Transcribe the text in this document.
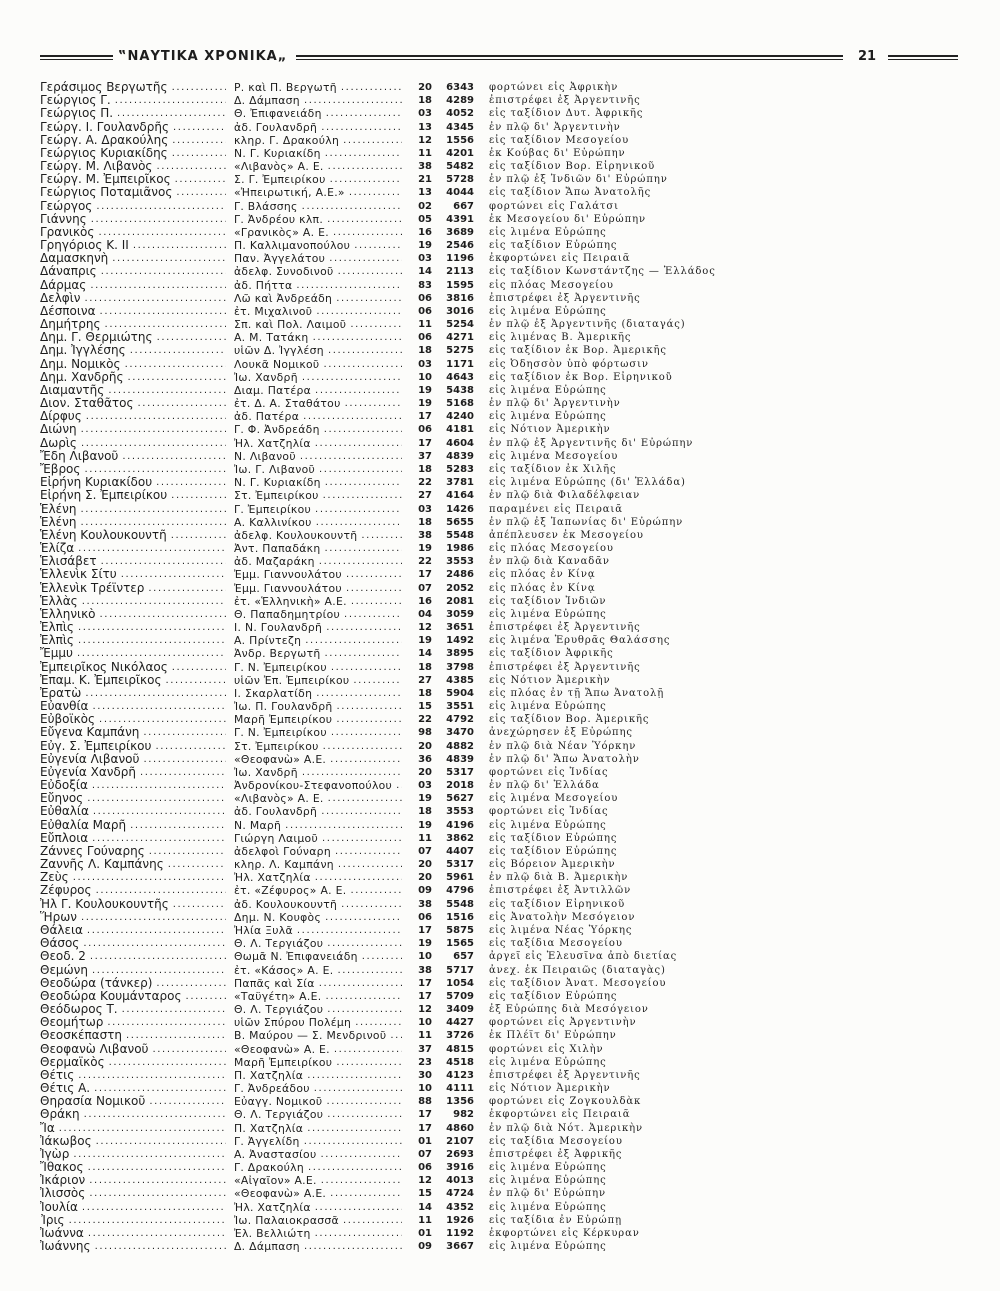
‟ΝΑΥΤΙΚΑ ΧΡΟΝΙΚΑ„	21
Γεράσιμος Βεργωτῆς .....	Ρ. καὶ Π. Βεργωτῆ .....	20	6343 φορτώνει εἰς Ἀφρικὴν
Γεώργιος Γ. .....	Δ. Δάμπαση .....	18	4289 ἐπιστρέφει ἐξ Ἀργεντινῆς
Γεώργιος Π. .....	Θ. Ἐπιφανειάδη .....	03	4052 εἰς ταξίδιον Δυτ. Ἀφρικῆς
Γεώργ. Ι. Γουλανδρῆς .....	ἀδ. Γουλανδρῆ .....	13	4345 ἐν πλῷ δι' Ἀργεντινὴν
Γεώργ. Α. Δρακούλης .....	κληρ. Γ. Δρακούλη .....	12	1556 εἰς ταξίδιον Μεσογείου
Γεώργιος Κυριακίδης .....	Ν. Γ. Κυριακίδη .....	11	4201 ἐκ Κούβας δι' Εὐρώπην
Γεώργ. Μ. Λιβανὸς .....	«Λιβανὸς» Α. Ε. .....	38	5482 εἰς ταξίδιον Βορ. Εἰρηνικοῦ
Γεώργ. Μ. Ἐμπειρῖκος .....	Σ. Γ. Ἐμπειρίκου .....	21	5728 ἐν πλῷ ἐξ Ἰνδιῶν δι' Εὐρώπην
Γεώργιος Ποταμιᾶνος .....	«Ἠπειρωτική, Α.Ε.» .....	13	4044 εἰς ταξίδιον Ἄπω Ἀνατολῆς
Γεώργος .....	Γ. Βλάσσης .....	02	667 φορτώνει εἰς Γαλάτσι
Γιάννης .....	Γ. Ἀνδρέου κλπ. .....	05	4391 ἐκ Μεσογείου δι' Εὐρώπην
Γρανικὸς .....	«Γρανικὸς» Α. Ε. .....	16	3689 εἰς λιμένα Εὐρώπης
Γρηγόριος Κ. ΙΙ .....	Π. Καλλιμανοπούλου .....	19	2546 εἰς ταξίδιον Εὐρώπης
Δαμασκηνὴ .....	Παν. Ἀγγελάτου .....	03	1196 ἐκφορτώνει εἰς Πειραιᾶ
Δάναπρις .....	ἀδελφ. Συνοδινοῦ .....	14	2113 εἰς ταξίδιον Κωνστάντζης — Ἑλλάδος
Δάρμας .....	ἀδ. Πήττα .....	83	1595 εἰς πλόας Μεσογείου
Δελφὶν .....	Λῶ καὶ Ἀνδρεάδη .....	06	3816 ἐπιστρέφει ἐξ Ἀργεντινῆς
Δέσποινα .....	ἐτ. Μιχαλινοῦ .....	06	3016 εἰς λιμένα Εὐρώπης
Δημήτρης .....	Σπ. καὶ Πολ. Λαιμοῦ .....	11	5254 ἐν πλῷ ἐξ Ἀργεντινῆς (διαταγάς)
Δημ. Γ. Θερμιώτης .....	Α. Μ. Τατάκη .....	06	4271 εἰς λιμένας Β. Ἀμερικῆς
Δημ. Ἰγγλέσης .....	υἱῶν Δ. Ἰγγλέση .....	18	5275 εἰς ταξίδιον ἐκ Βορ. Ἀμερικῆς
Δημ. Νομικὸς .....	Λουκᾶ Νομικοῦ .....	03	1171 εἰς Ὀδησσὸν ὑπὸ φόρτωσιν
Δημ. Χανδρῆς .....	Ἰω. Χανδρῆ .....	10	4643 εἰς ταξίδιον ἐκ Βορ. Εἰρηνικοῦ
Διαμαντῆς .....	Διαμ. Πατέρα .....	19	5438 εἰς λιμένα Εὐρώπης
Διον. Σταθᾶτος .....	ἐτ. Δ. Α. Σταθάτου .....	19	5168 ἐν πλῷ δι' Ἀργεντινὴν
Δίρφυς .....	ἀδ. Πατέρα .....	17	4240 εἰς λιμένα Εὐρώπης
Διώνη .....	Γ. Φ. Ἀνδρεάδη .....	06	4181 εἰς Νότιον Ἀμερικὴν
Δωρὶς .....	Ἠλ. Χατζηλία .....	17	4604 ἐν πλῷ ἐξ Ἀργεντινῆς δι' Εὐρώπην
Ἔδη Λιβανοῦ .....	Ν. Λιβανοῦ .....	37	4839 εἰς λιμένα Μεσογείου
Ἔβρος .....	Ἰω. Γ. Λιβανοῦ .....	18	5283 εἰς ταξίδιον ἐκ Χιλῆς
Εἰρήνη Κυριακίδου .....	Ν. Γ. Κυριακίδη .....	22	3781 εἰς λιμένα Εὐρώπης (δι' Ἑλλάδα)
Εἰρήνη Σ. Ἐμπειρίκου .....	Στ. Ἐμπειρίκου .....	27	4164 ἐν πλῷ διὰ Φιλαδέλφειαν
Ἑλένη .....	Γ. Ἐμπειρίκου .....	03	1426 παραμένει εἰς Πειραιᾶ
Ἑλένη .....	Α. Καλλινίκου .....	18	5655 ἐν πλῷ ἐξ Ἰαπωνίας δι' Εὐρώπην
Ἑλένη Κουλουκουντῆ .....	ἀδελφ. Κουλουκουντῆ .....	38	5548 ἀπέπλευσεν ἐκ Μεσογείου
Ἑλίζα .....	Ἀντ. Παπαδάκη .....	19	1986 εἰς πλόας Μεσογείου
Ἑλισάβετ .....	ἀδ. Μαζαράκη .....	22	3553 ἐν πλῷ διὰ Καναδᾶν
Ἑλλενὶκ Σίτυ .....	Ἐμμ. Γιαννουλάτου .....	17	2486 εἰς πλόας ἐν Κίνᾳ
Ἑλλενὶκ Τρέϊντερ .....	Ἐμμ. Γιαννουλάτου .....	07	2052 εἰς πλόας ἐν Κίνᾳ
Ἑλλὰς .....	ἐτ. «Ἑλληνικὴ» Α.Ε. .....	16	2081 εἰς ταξίδιον Ἰνδιῶν
Ἑλληνικὸ .....	Θ. Παπαδημητρίου .....	04	3059 εἰς λιμένα Εὐρώπης
Ἐλπὶς .....	Ι. Ν. Γουλανδρῆ .....	12	3651 ἐπιστρέφει ἐξ Ἀργεντινῆς
Ἐλπὶς .....	Α. Πρίντεζη .....	19	1492 εἰς λιμένα Ἐρυθρᾶς Θαλάσσης
Ἔμμυ .....	Ἀνδρ. Βεργωτῆ .....	14	3895 εἰς ταξίδιον Ἀφρικῆς
Ἐμπειρῖκος Νικόλαος .....	Γ. Ν. Ἐμπειρίκου .....	18	3798 ἐπιστρέφει ἐξ Ἀργεντινῆς
Ἐπαμ. Κ. Ἐμπειρῖκος .....	υἱῶν Ἐπ. Ἐμπειρίκου .....	27	4385 εἰς Νότιον Ἀμερικὴν
Ἐρατὼ .....	Ι. Σκαρλατίδη .....	18	5904 εἰς πλόας ἐν τῇ Ἄπω Ἀνατολῇ
Εὐανθία .....	Ἰω. Π. Γουλανδρῆ .....	15	3551 εἰς λιμένα Εὐρώπης
Εὐβοϊκὸς .....	Μαρῆ Ἐμπειρίκου .....	22	4792 εἰς ταξίδιον Βορ. Ἀμερικῆς
Εὔγενα Καμπάνη .....	Γ. Ν. Ἐμπειρίκου .....	98	3470 ἀνεχώρησεν ἐξ Εὐρώπης
Εὐγ. Σ. Ἐμπειρίκου .....	Στ. Ἐμπειρίκου .....	20	4882 ἐν πλῷ διὰ Νέαν Ὑόρκην
Εὐγενία Λιβανοῦ .....	«Θεοφανὼ» Α.Ε. .....	36	4839 ἐν πλῷ δι' Ἄπω Ἀνατολὴν
Εὐγενία Χανδρῆ .....	Ἰω. Χανδρῆ .....	20	5317 φορτώνει εἰς Ἰνδίας
Εὐδοξία .....	Ἀνδρονίκου-Στεφανοπούλου .....	03	2018 ἐν πλῷ δι' Ἑλλάδα
Εὔηνος .....	«Λιβανὸς» Α. Ε. .....	19	5627 εἰς λιμένα Μεσογείου
Εὐθαλία .....	ἀδ. Γουλανδρῆ .....	18	3553 φορτώνει εἰς Ἰνδίας
Εὐθαλία Μαρῆ .....	Ν. Μαρῆ .....	19	4196 εἰς λιμένα Εὐρώπης
Εὔπλοια .....	Γιώργη Λαιμοῦ .....	11	3862 εἰς ταξίδιον Εὐρώπης
Ζάννες Γούναρης .....	ἀδελφοὶ Γούναρη .....	07	4407 εἰς ταξίδιον Εὐρώπης
Ζαννῆς Λ. Καμπάνης .....	κληρ. Λ. Καμπάνη .....	20	5317 εἰς Βόρειον Ἀμερικὴν
Ζεὺς .....	Ἠλ. Χατζηλία .....	20	5961 ἐν πλῷ διὰ Β. Ἀμερικὴν
Ζέφυρος .....	ἐτ. «Ζέφυρος» Α. Ε. .....	09	4796 ἐπιστρέφει ἐξ Ἀντιλλῶν
Ἠλ Γ. Κουλουκουντῆς .....	ἀδ. Κουλουκουντῆ .....	38	5548 εἰς ταξίδιον Εἰρηνικοῦ
Ἥρων .....	Δημ. Ν. Κουφὸς .....	06	1516 εἰς Ἀνατολὴν Μεσόγειον
Θάλεια .....	Ἠλία Ξυλᾶ .....	17	5875 εἰς λιμένα Νέας Ὑόρκης
Θάσος .....	Θ. Λ. Τεργιάζου .....	19	1565 εἰς ταξίδια Μεσογείου
Θεοδ. 2 .....	Θωμᾶ Ν. Ἐπιφανειάδη .....	10	657 ἀργεῖ εἰς Ἐλευσῖνα ἀπὸ διετίας
Θεμώνη .....	ἐτ. «Κάσος» Α. Ε. .....	38	5717 ἀνεχ. ἐκ Πειραιῶς (διαταγὰς)
Θεοδώρα (τάνκερ) .....	Παπᾶς καὶ Σία .....	17	1054 εἰς ταξίδιον Ἀνατ. Μεσογείου
Θεοδώρα Κουμάνταρος .....	«Ταϋγέτη» Α.Ε. .....	17	5709 εἰς ταξίδιον Εὐρώπης
Θεόδωρος Τ. .....	Θ. Λ. Τεργιάζου .....	12	3409 ἐξ Εὐρώπης διὰ Μεσόγειον
Θεομήτωρ .....	υἱῶν Σπύρου Πολέμη .....	10	4427 φορτώνει εἰς Ἀργεντινὴν
Θεοσκέπαστη .....	Β. Μαύρου — Σ. Μενδρινοῦ .....	11	3726 ἐκ Πλέϊτ δι' Εὐρώπην
Θεοφανὼ Λιβανοῦ .....	«Θεοφανὼ» Α. Ε. .....	37	4815 φορτώνει εἰς Χιλὴν
Θερμαϊκὸς .....	Μαρῆ Ἐμπειρίκου .....	23	4518 εἰς λιμένα Εὐρώπης
Θέτις .....	Π. Χατζηλία .....	30	4123 ἐπιστρέφει ἐξ Ἀργεντινῆς
Θέτις Α. .....	Γ. Ἀνδρεάδου .....	10	4111 εἰς Νότιον Ἀμερικὴν
Θηρασία Νομικοῦ .....	Εὐαγγ. Νομικοῦ .....	88	1356 φορτώνει εἰς Ζογκουλδὰκ
Θράκη .....	Θ. Λ. Τεργιάζου .....	17	982 ἐκφορτώνει εἰς Πειραιᾶ
Ἴα .....	Π. Χατζηλία .....	17	4860 ἐν πλῷ διὰ Νότ. Ἀμερικὴν
Ἰάκωβος .....	Γ. Ἀγγελίδη .....	01	2107 εἰς ταξίδια Μεσογείου
Ἰγὼρ .....	Α. Ἀναστασίου .....	07	2693 ἐπιστρέφει ἐξ Ἀφρικῆς
Ἴθακος .....	Γ. Δρακούλη .....	06	3916 εἰς λιμένα Εὐρώπης
Ἰκάριον .....	«Αἰγαῖον» Α.Ε. .....	12	4013 εἰς λιμένα Εὐρώπης
Ἰλισσὸς .....	«Θεοφανὼ» Α.Ε. .....	15	4724 ἐν πλῷ δι' Εὐρώπην
Ἰουλία .....	Ἠλ. Χατζηλία .....	14	4352 εἰς λιμένα Εὐρώπης
Ἶρις .....	Ἰω. Παλαιοκρασσᾶ .....	11	1926 εἰς ταξίδια ἐν Εὐρώπῃ
Ἰωάννα .....	Ἐλ. Βελλιώτη .....	01	1192 ἐκφορτώνει εἰς Κέρκυραν
Ἰωάννης .....	Δ. Δάμπαση .....	09	3667 εἰς λιμένα Εὐρώπης
